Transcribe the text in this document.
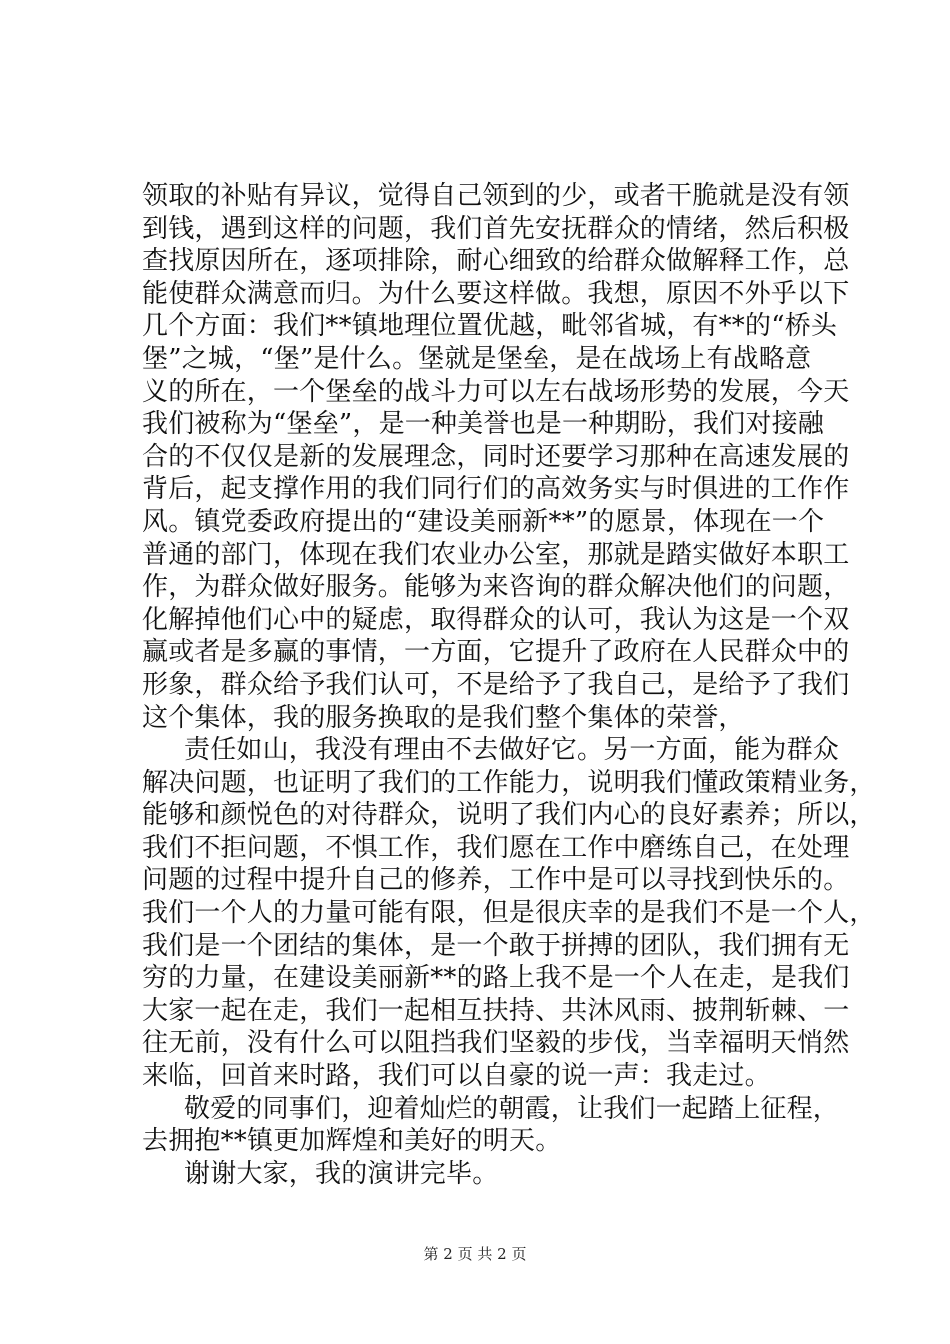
领取的补贴有异议，觉得自己领到的少，或者干脆就是没有领
到钱，遇到这样的问题，我们首先安抚群众的情绪，然后积极
查找原因所在，逐项排除，耐心细致的给群众做解释工作，总
能使群众满意而归。为什么要这样做。我想，原因不外乎以下
几个方面：我们**镇地理位置优越，毗邻省城，有**的“桥头
堡”之城，“堡”是什么。堡就是堡垒，是在战场上有战略意
义的所在，一个堡垒的战斗力可以左右战场形势的发展，今天
我们被称为“堡垒”，是一种美誉也是一种期盼，我们对接融
合的不仅仅是新的发展理念，同时还要学习那种在高速发展的
背后，起支撑作用的我们同行们的高效务实与时俱进的工作作
风。镇党委政府提出的“建设美丽新**”的愿景，体现在一个
普通的部门，体现在我们农业办公室，那就是踏实做好本职工
作，为群众做好服务。能够为来咨询的群众解决他们的问题，
化解掉他们心中的疑虑，取得群众的认可，我认为这是一个双
赢或者是多赢的事情，一方面，它提升了政府在人民群众中的
形象，群众给予我们认可，不是给予了我自己，是给予了我们
这个集体，我的服务换取的是我们整个集体的荣誉，
责任如山，我没有理由不去做好它。另一方面，能为群众
解决问题，也证明了我们的工作能力，说明我们懂政策精业务，
能够和颜悦色的对待群众，说明了我们内心的良好素养；所以，
我们不拒问题，不惧工作，我们愿在工作中磨练自己，在处理
问题的过程中提升自己的修养，工作中是可以寻找到快乐的。
我们一个人的力量可能有限，但是很庆幸的是我们不是一个人，
我们是一个团结的集体，是一个敢于拼搏的团队，我们拥有无
穷的力量，在建设美丽新**的路上我不是一个人在走，是我们
大家一起在走，我们一起相互扶持、共沐风雨、披荆斩棘、一
往无前，没有什么可以阻挡我们坚毅的步伐，当幸福明天悄然
来临，回首来时路，我们可以自豪的说一声：我走过。
敬爱的同事们，迎着灿烂的朝霞，让我们一起踏上征程，
去拥抱**镇更加辉煌和美好的明天。
谢谢大家，我的演讲完毕。
第 2 页 共 2 页
